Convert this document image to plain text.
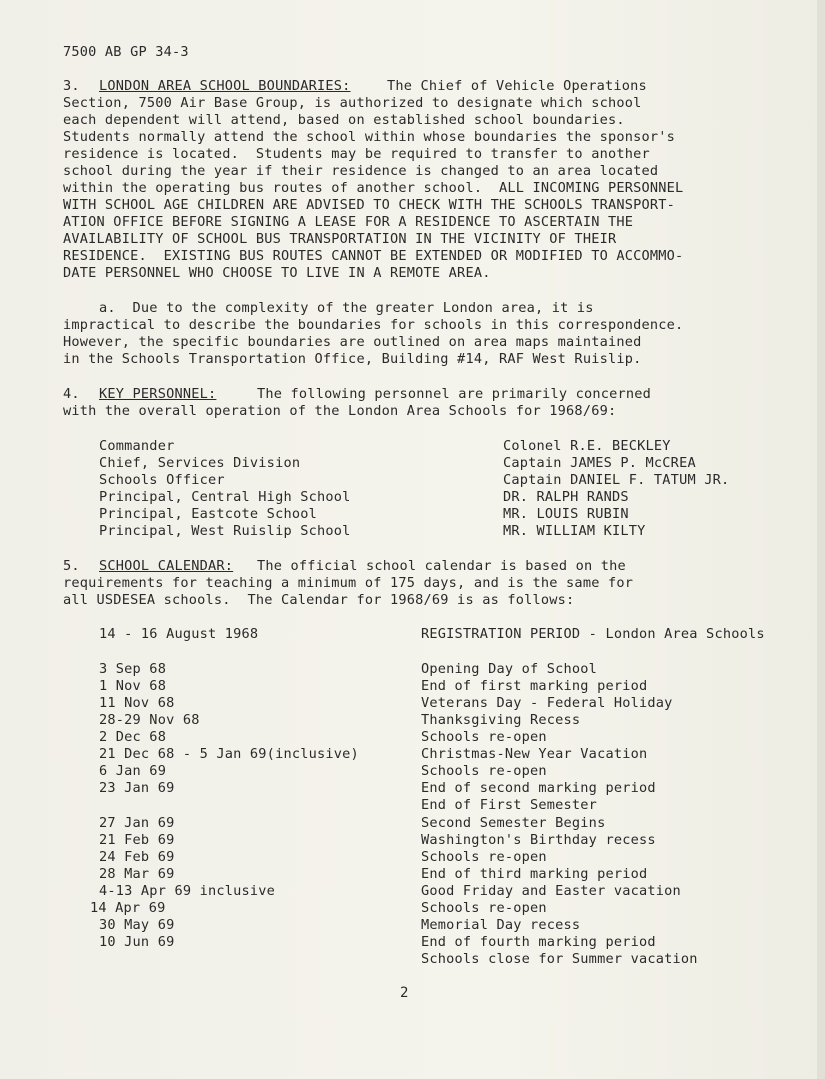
7500 AB GP 34-3
3. LONDON AREA SCHOOL BOUNDARIES:	The Chief of Vehicle Operations
Section, 7500 Air Base Group, is authorized to designate which school
each dependent will attend, based on established school boundaries.
Students normally attend the school within whose boundaries the sponsor's
residence is located.  Students may be required to transfer to another
school during the year if their residence is changed to an area located
within the operating bus routes of another school.  ALL INCOMING PERSONNEL
WITH SCHOOL AGE CHILDREN ARE ADVISED TO CHECK WITH THE SCHOOLS TRANSPORT-
ATION OFFICE BEFORE SIGNING A LEASE FOR A RESIDENCE TO ASCERTAIN THE
AVAILABILITY OF SCHOOL BUS TRANSPORTATION IN THE VICINITY OF THEIR
RESIDENCE.  EXISTING BUS ROUTES CANNOT BE EXTENDED OR MODIFIED TO ACCOMMO-
DATE PERSONNEL WHO CHOOSE TO LIVE IN A REMOTE AREA.
a.  Due to the complexity of the greater London area, it is
impractical to describe the boundaries for schools in this correspondence.
However, the specific boundaries are outlined on area maps maintained
in the Schools Transportation Office, Building #14, RAF West Ruislip.
4. KEY PERSONNEL:	The following personnel are primarily concerned
with the overall operation of the London Area Schools for 1968/69:
Commander	Colonel R.E. BECKLEY
Chief, Services Division	Captain JAMES P. McCREA
Schools Officer	Captain DANIEL F. TATUM JR.
Principal, Central High School	DR. RALPH RANDS
Principal, Eastcote School	MR. LOUIS RUBIN
Principal, West Ruislip School	MR. WILLIAM KILTY
5. SCHOOL CALENDAR: The official school calendar is based on the
requirements for teaching a minimum of 175 days, and is the same for
all USDESEA schools.  The Calendar for 1968/69 is as follows:
14 - 16 August 1968	REGISTRATION PERIOD - London Area Schools
3 Sep 68	Opening Day of School
1 Nov 68	End of first marking period
11 Nov 68	Veterans Day - Federal Holiday
28-29 Nov 68	Thanksgiving Recess
2 Dec 68	Schools re-open
21 Dec 68 - 5 Jan 69(inclusive)	Christmas-New Year Vacation
6 Jan 69	Schools re-open
23 Jan 69	End of second marking period
End of First Semester
27 Jan 69	Second Semester Begins
21 Feb 69	Washington's Birthday recess
24 Feb 69	Schools re-open
28 Mar 69	End of third marking period
4-13 Apr 69 inclusive	Good Friday and Easter vacation
14 Apr 69	Schools re-open
30 May 69	Memorial Day recess
10 Jun 69	End of fourth marking period
Schools close for Summer vacation
2
